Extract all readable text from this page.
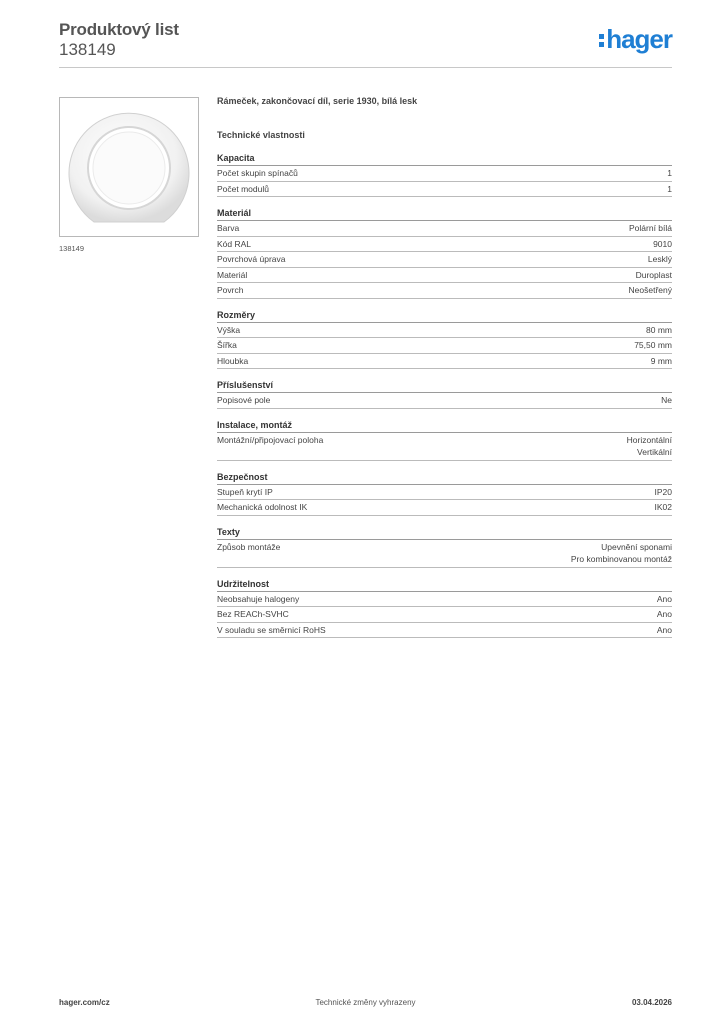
Produktový list
138149	hager
138149
Rámeček, zakončovací díl, serie 1930, bílá lesk
Technické vlastnosti
Kapacita
Počet skupin spínačů	1
Počet modulů	1
Materiál
Barva	Polární bílá
Kód RAL	9010
Povrchová úprava	Lesklý
Materiál	Duroplast
Povrch	Neošetřený
Rozměry
Výška	80 mm
Šířka	75,50 mm
Hloubka	9 mm
Příslušenství
Popisové pole	Ne
Instalace, montáž
Montážní/připojovací poloha	Horizontální
Vertikální
Bezpečnost
Stupeň krytí IP	IP20
Mechanická odolnost IK	IK02
Texty
Způsob montáže	Upevnění sponami
Pro kombinovanou montáž
Udržitelnost
Neobsahuje halogeny	Ano
Bez REACh-SVHC	Ano
V souladu se směrnicí RoHS	Ano
hager.com/cz	Technické změny vyhrazeny	03.04.2026
